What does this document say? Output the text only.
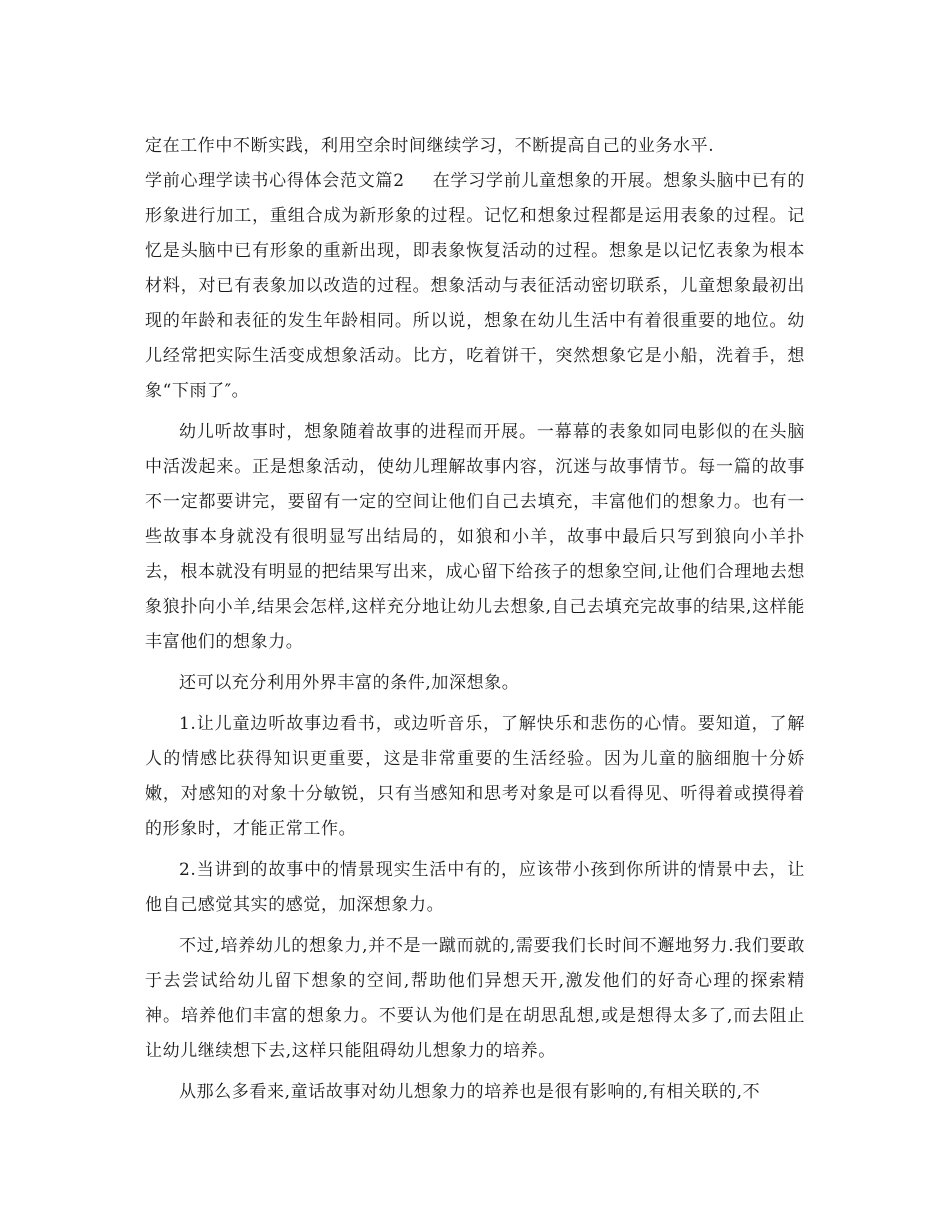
定在工作中不断实践，利用空余时间继续学习，不断提高自己的业务水平.

学前心理学读书心得体会范文篇2 在学习学前儿童想象的开展。想象头脑中已有的形象进行加工，重组合成为新形象的过程。记忆和想象过程都是运用表象的过程。记忆是头脑中已有形象的重新出现，即表象恢复活动的过程。想象是以记忆表象为根本材料，对已有表象加以改造的过程。想象活动与表征活动密切联系，儿童想象最初出现的年龄和表征的发生年龄相同。所以说，想象在幼儿生活中有着很重要的地位。幼儿经常把实际生活变成想象活动。比方，吃着饼干，突然想象它是小船，洗着手，想象“下雨了″。

幼儿听故事时，想象随着故事的进程而开展。一幕幕的表象如同电影似的在头脑中活泼起来。正是想象活动，使幼儿理解故事内容，沉迷与故事情节。每一篇的故事不一定都要讲完，要留有一定的空间让他们自己去填充，丰富他们的想象力。也有一些故事本身就没有很明显写出结局的，如狼和小羊，故事中最后只写到狼向小羊扑去，根本就没有明显的把结果写出来，成心留下给孩子的想象空间,让他们合理地去想象狼扑向小羊,结果会怎样,这样充分地让幼儿去想象,自己去填充完故事的结果,这样能丰富他们的想象力。

还可以充分利用外界丰富的条件,加深想象。

1.让儿童边听故事边看书，或边听音乐，了解快乐和悲伤的心情。要知道，了解人的情感比获得知识更重要，这是非常重要的生活经验。因为儿童的脑细胞十分娇嫩，对感知的对象十分敏锐，只有当感知和思考对象是可以看得见、听得着或摸得着的形象时，才能正常工作。

2.当讲到的故事中的情景现实生活中有的，应该带小孩到你所讲的情景中去，让他自己感觉其实的感觉，加深想象力。

不过,培养幼儿的想象力,并不是一蹴而就的,需要我们长时间不邂地努力.我们要敢于去尝试给幼儿留下想象的空间,帮助他们异想天开,激发他们的好奇心理的探索精神。培养他们丰富的想象力。不要认为他们是在胡思乱想,或是想得太多了,而去阻止让幼儿继续想下去,这样只能阻碍幼儿想象力的培养。

从那么多看来,童话故事对幼儿想象力的培养也是很有影响的,有相关联的,不
